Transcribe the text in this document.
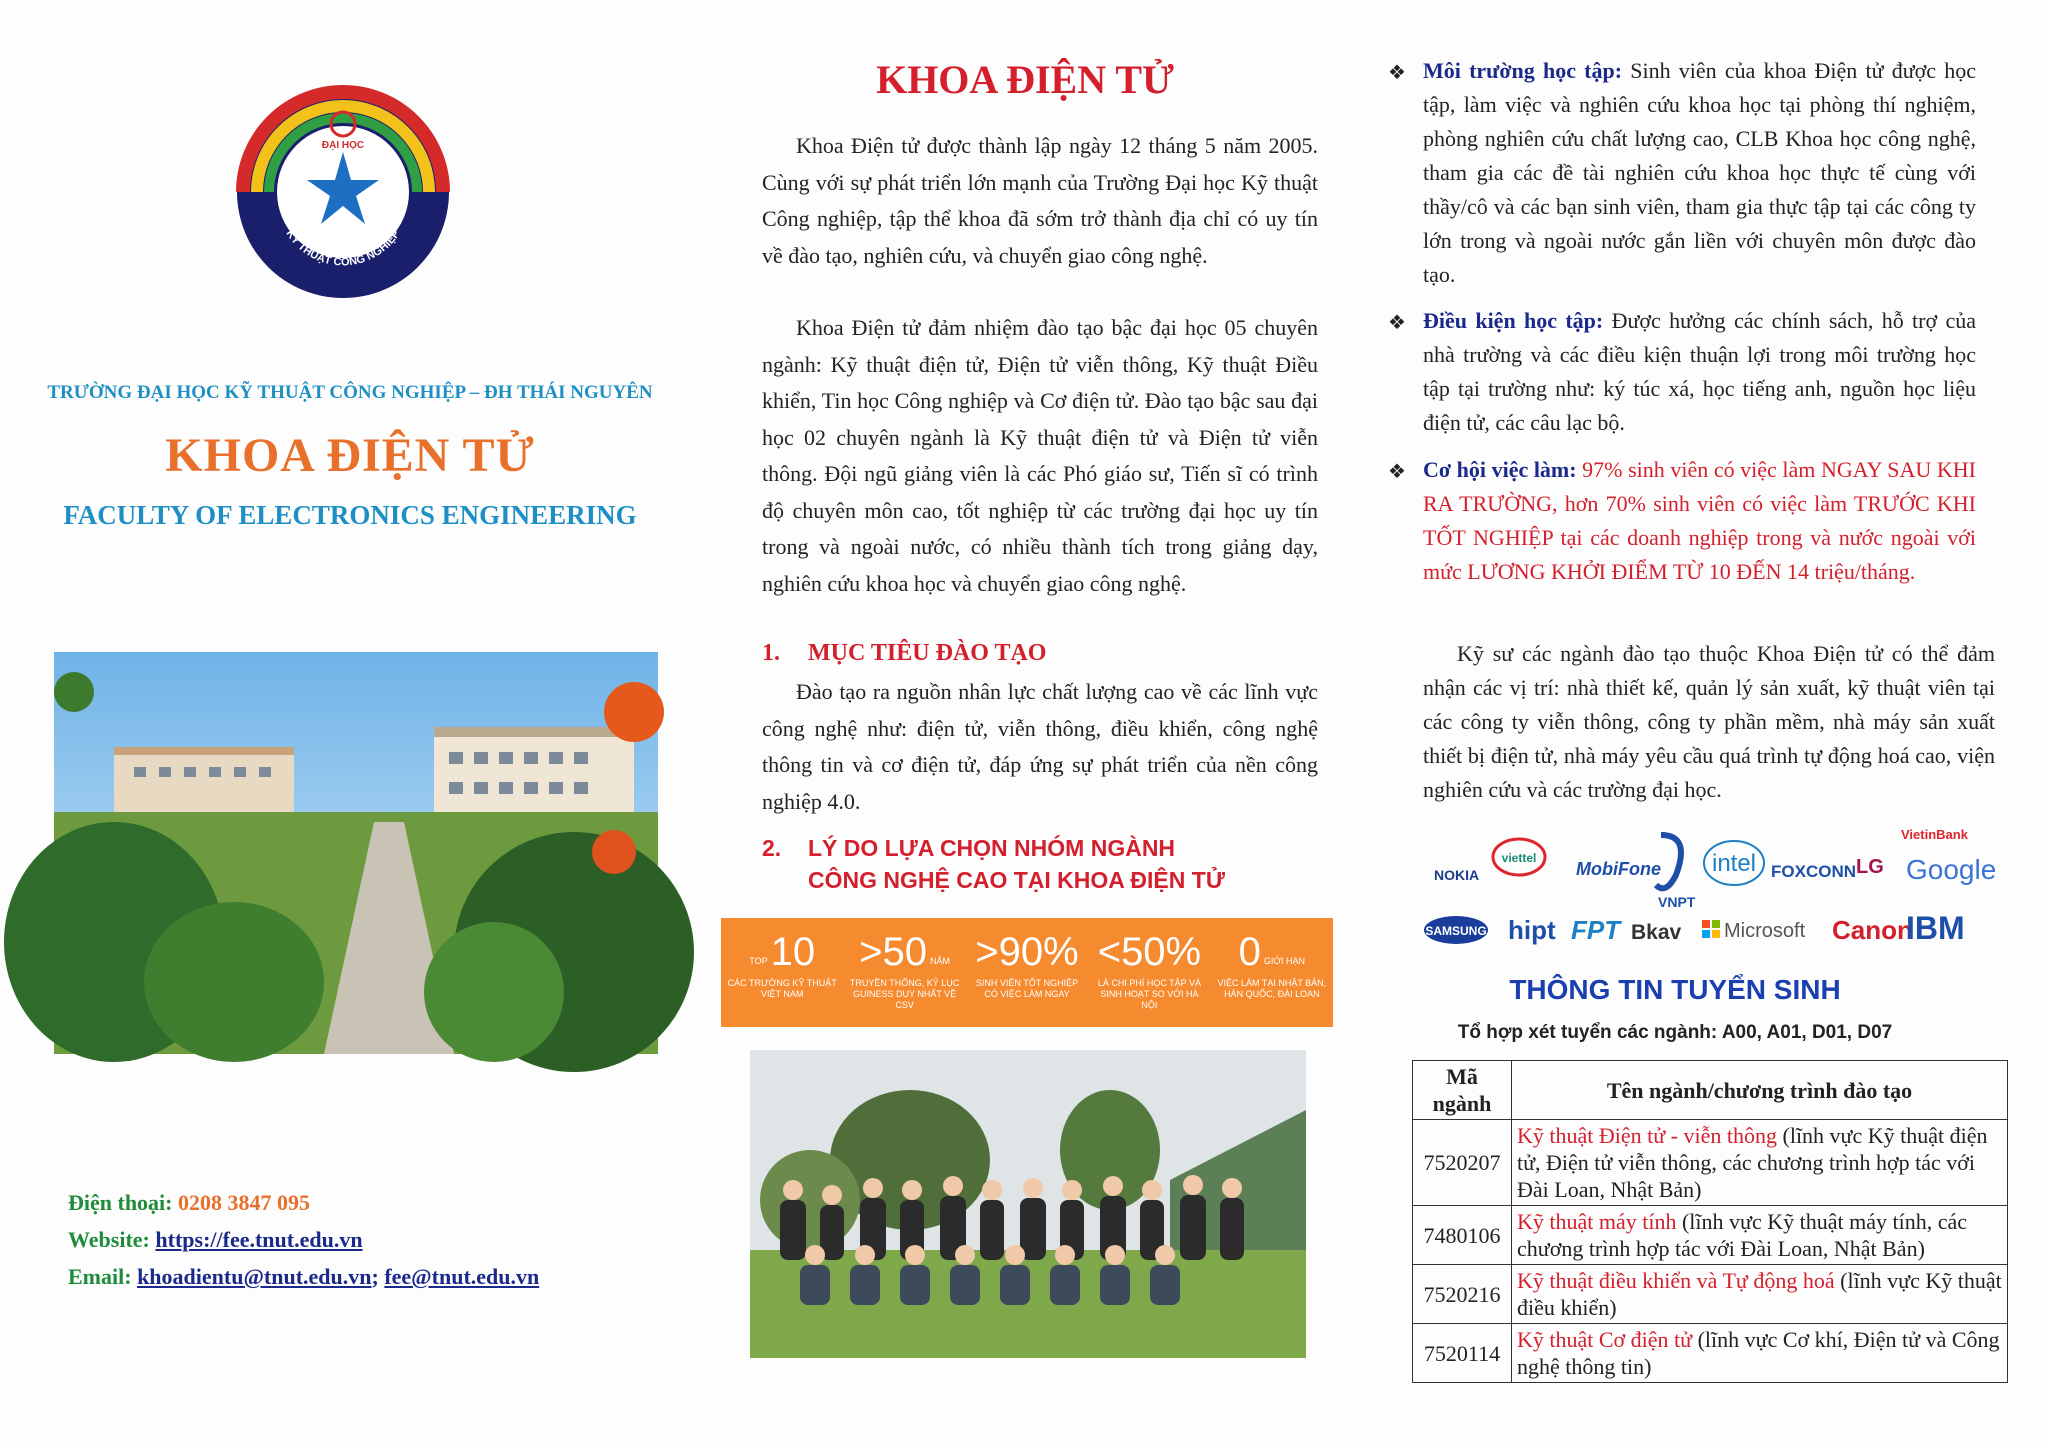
ĐẠI HỌC
KỸ THUẬT CÔNG NGHIỆP
TRƯỜNG ĐẠI HỌC KỸ THUẬT CÔNG NGHIỆP – ĐH THÁI NGUYÊN
KHOA ĐIỆN TỬ
FACULTY OF ELECTRONICS ENGINEERING
Điện thoại: 0208 3847 095
Website: https://fee.tnut.edu.vn
Email: khoadientu@tnut.edu.vn; fee@tnut.edu.vn
KHOA ĐIỆN TỬ
Khoa Điện tử được thành lập ngày 12 tháng 5 năm 2005. Cùng với sự phát triển lớn mạnh của Trường Đại học Kỹ thuật Công nghiệp, tập thể khoa đã sớm trở thành địa chỉ có uy tín về đào tạo, nghiên cứu, và chuyển giao công nghệ.
Khoa Điện tử đảm nhiệm đào tạo bậc đại học 05 chuyên ngành: Kỹ thuật điện tử, Điện tử viễn thông, Kỹ thuật Điều khiển, Tin học Công nghiệp và Cơ điện tử. Đào tạo bậc sau đại học 02 chuyên ngành là Kỹ thuật điện tử và Điện tử viễn thông. Đội ngũ giảng viên là các Phó giáo sư, Tiến sĩ có trình độ chuyên môn cao, tốt nghiệp từ các trường đại học uy tín trong và ngoài nước, có nhiều thành tích trong giảng dạy, nghiên cứu khoa học và chuyển giao công nghệ.
1. MỤC TIÊU ĐÀO TẠO
Đào tạo ra nguồn nhân lực chất lượng cao về các lĩnh vực công nghệ như: điện tử, viễn thông, điều khiển, công nghệ thông tin và cơ điện tử, đáp ứng sự phát triển của nền công nghiệp 4.0.
2. LÝ DO LỰA CHỌN NHÓM NGÀNH
CÔNG NGHỆ CAO TẠI KHOA ĐIỆN TỬ
TOP 10
CÁC TRƯỜNG KỸ THUẬT VIỆT NAM
>50 NĂM
TRUYỀN THỐNG, KỶ LỤC GUINESS DUY NHẤT VỀ CSV
>90%
SINH VIÊN TỐT NGHIỆP CÓ VIỆC LÀM NGAY
<50%
LÀ CHI PHÍ HỌC TẬP VÀ SINH HOẠT SO VỚI HÀ NỘI
0 GIỚI HẠN
VIỆC LÀM TẠI NHẬT BẢN, HÀN QUỐC, ĐÀI LOAN
❖ Môi trường học tập: Sinh viên của khoa Điện tử được học tập, làm việc và nghiên cứu khoa học tại phòng thí nghiệm, phòng nghiên cứu chất lượng cao, CLB Khoa học công nghệ, tham gia các đề tài nghiên cứu khoa học thực tế cùng với thầy/cô và các bạn sinh viên, tham gia thực tập tại các công ty lớn trong và ngoài nước gắn liền với chuyên môn được đào tạo.
❖ Điều kiện học tập: Được hưởng các chính sách, hỗ trợ của nhà trường và các điều kiện thuận lợi trong môi trường học tập tại trường như: ký túc xá, học tiếng anh, nguồn học liệu điện tử, các câu lạc bộ.
❖ Cơ hội việc làm: 97% sinh viên có việc làm NGAY SAU KHI RA TRƯỜNG, hơn 70% sinh viên có việc làm TRƯỚC KHI TỐT NGHIỆP tại các doanh nghiệp trong và nước ngoài với mức LƯƠNG KHỞI ĐIỂM TỪ 10 ĐẾN 14 triệu/tháng.
Kỹ sư các ngành đào tạo thuộc Khoa Điện tử có thể đảm nhận các vị trí: nhà thiết kế, quản lý sản xuất, kỹ thuật viên tại các công ty viễn thông, công ty phần mềm, nhà máy sản xuất thiết bị điện tử, nhà máy yêu cầu quá trình tự động hoá cao, viện nghiên cứu và các trường đại học.
NOKIA
viettel
MobiFone
VNPT
intel FOXCONN LG
VietinBank
Google
SAMSUNG hipt FPT Bkav Microsoft Canon
IBM
THÔNG TIN TUYỂN SINH
Tổ hợp xét tuyển các ngành: A00, A01, D01, D07
Mã ngành	Tên ngành/chương trình đào tạo
7520207	Kỹ thuật Điện tử - viễn thông (lĩnh vực Kỹ thuật điện tử, Điện tử viễn thông, các chương trình hợp tác với Đài Loan, Nhật Bản)
7480106	Kỹ thuật máy tính (lĩnh vực Kỹ thuật máy tính, các chương trình hợp tác với Đài Loan, Nhật Bản)
7520216	Kỹ thuật điều khiển và Tự động hoá (lĩnh vực Kỹ thuật điều khiển)
7520114	Kỹ thuật Cơ điện tử (lĩnh vực Cơ khí, Điện tử và Công nghệ thông tin)
